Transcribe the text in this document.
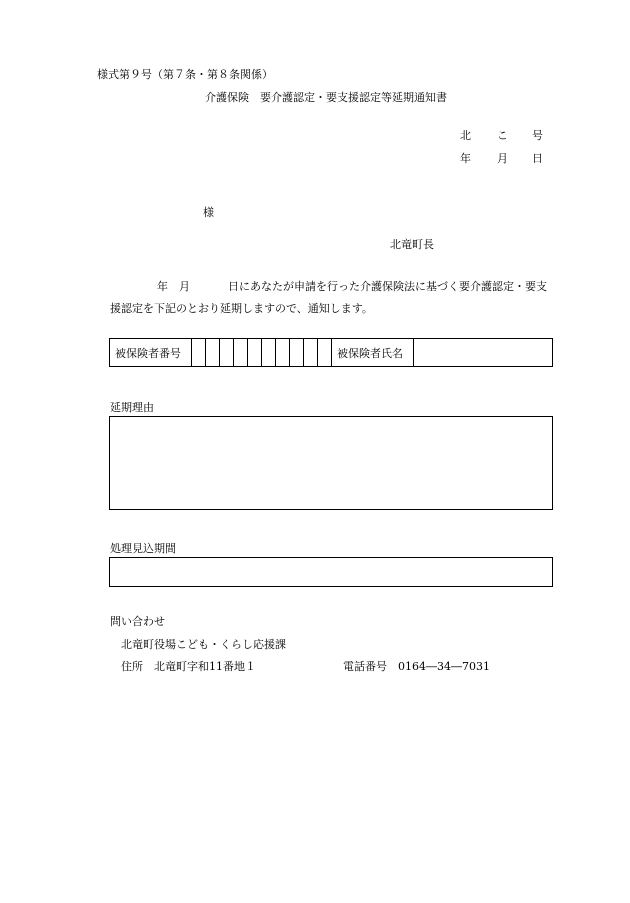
様式第９号（第７条・第８条関係）
介護保険　要介護認定・要支援認定等延期通知書
北 こ 号
年 月 日
様
北竜町長
年 月	日にあなたが申請を行った介護保険法に基づく要介護認定・要支
援認定を下記のとおり延期しますので、通知します。
被保険者番号	被保険者氏名
延期理由
処理見込期間
問い合わせ
北竜町役場こども・くらし応援課
住所　北竜町字和11番地１	電話番号　0164―34―7031
